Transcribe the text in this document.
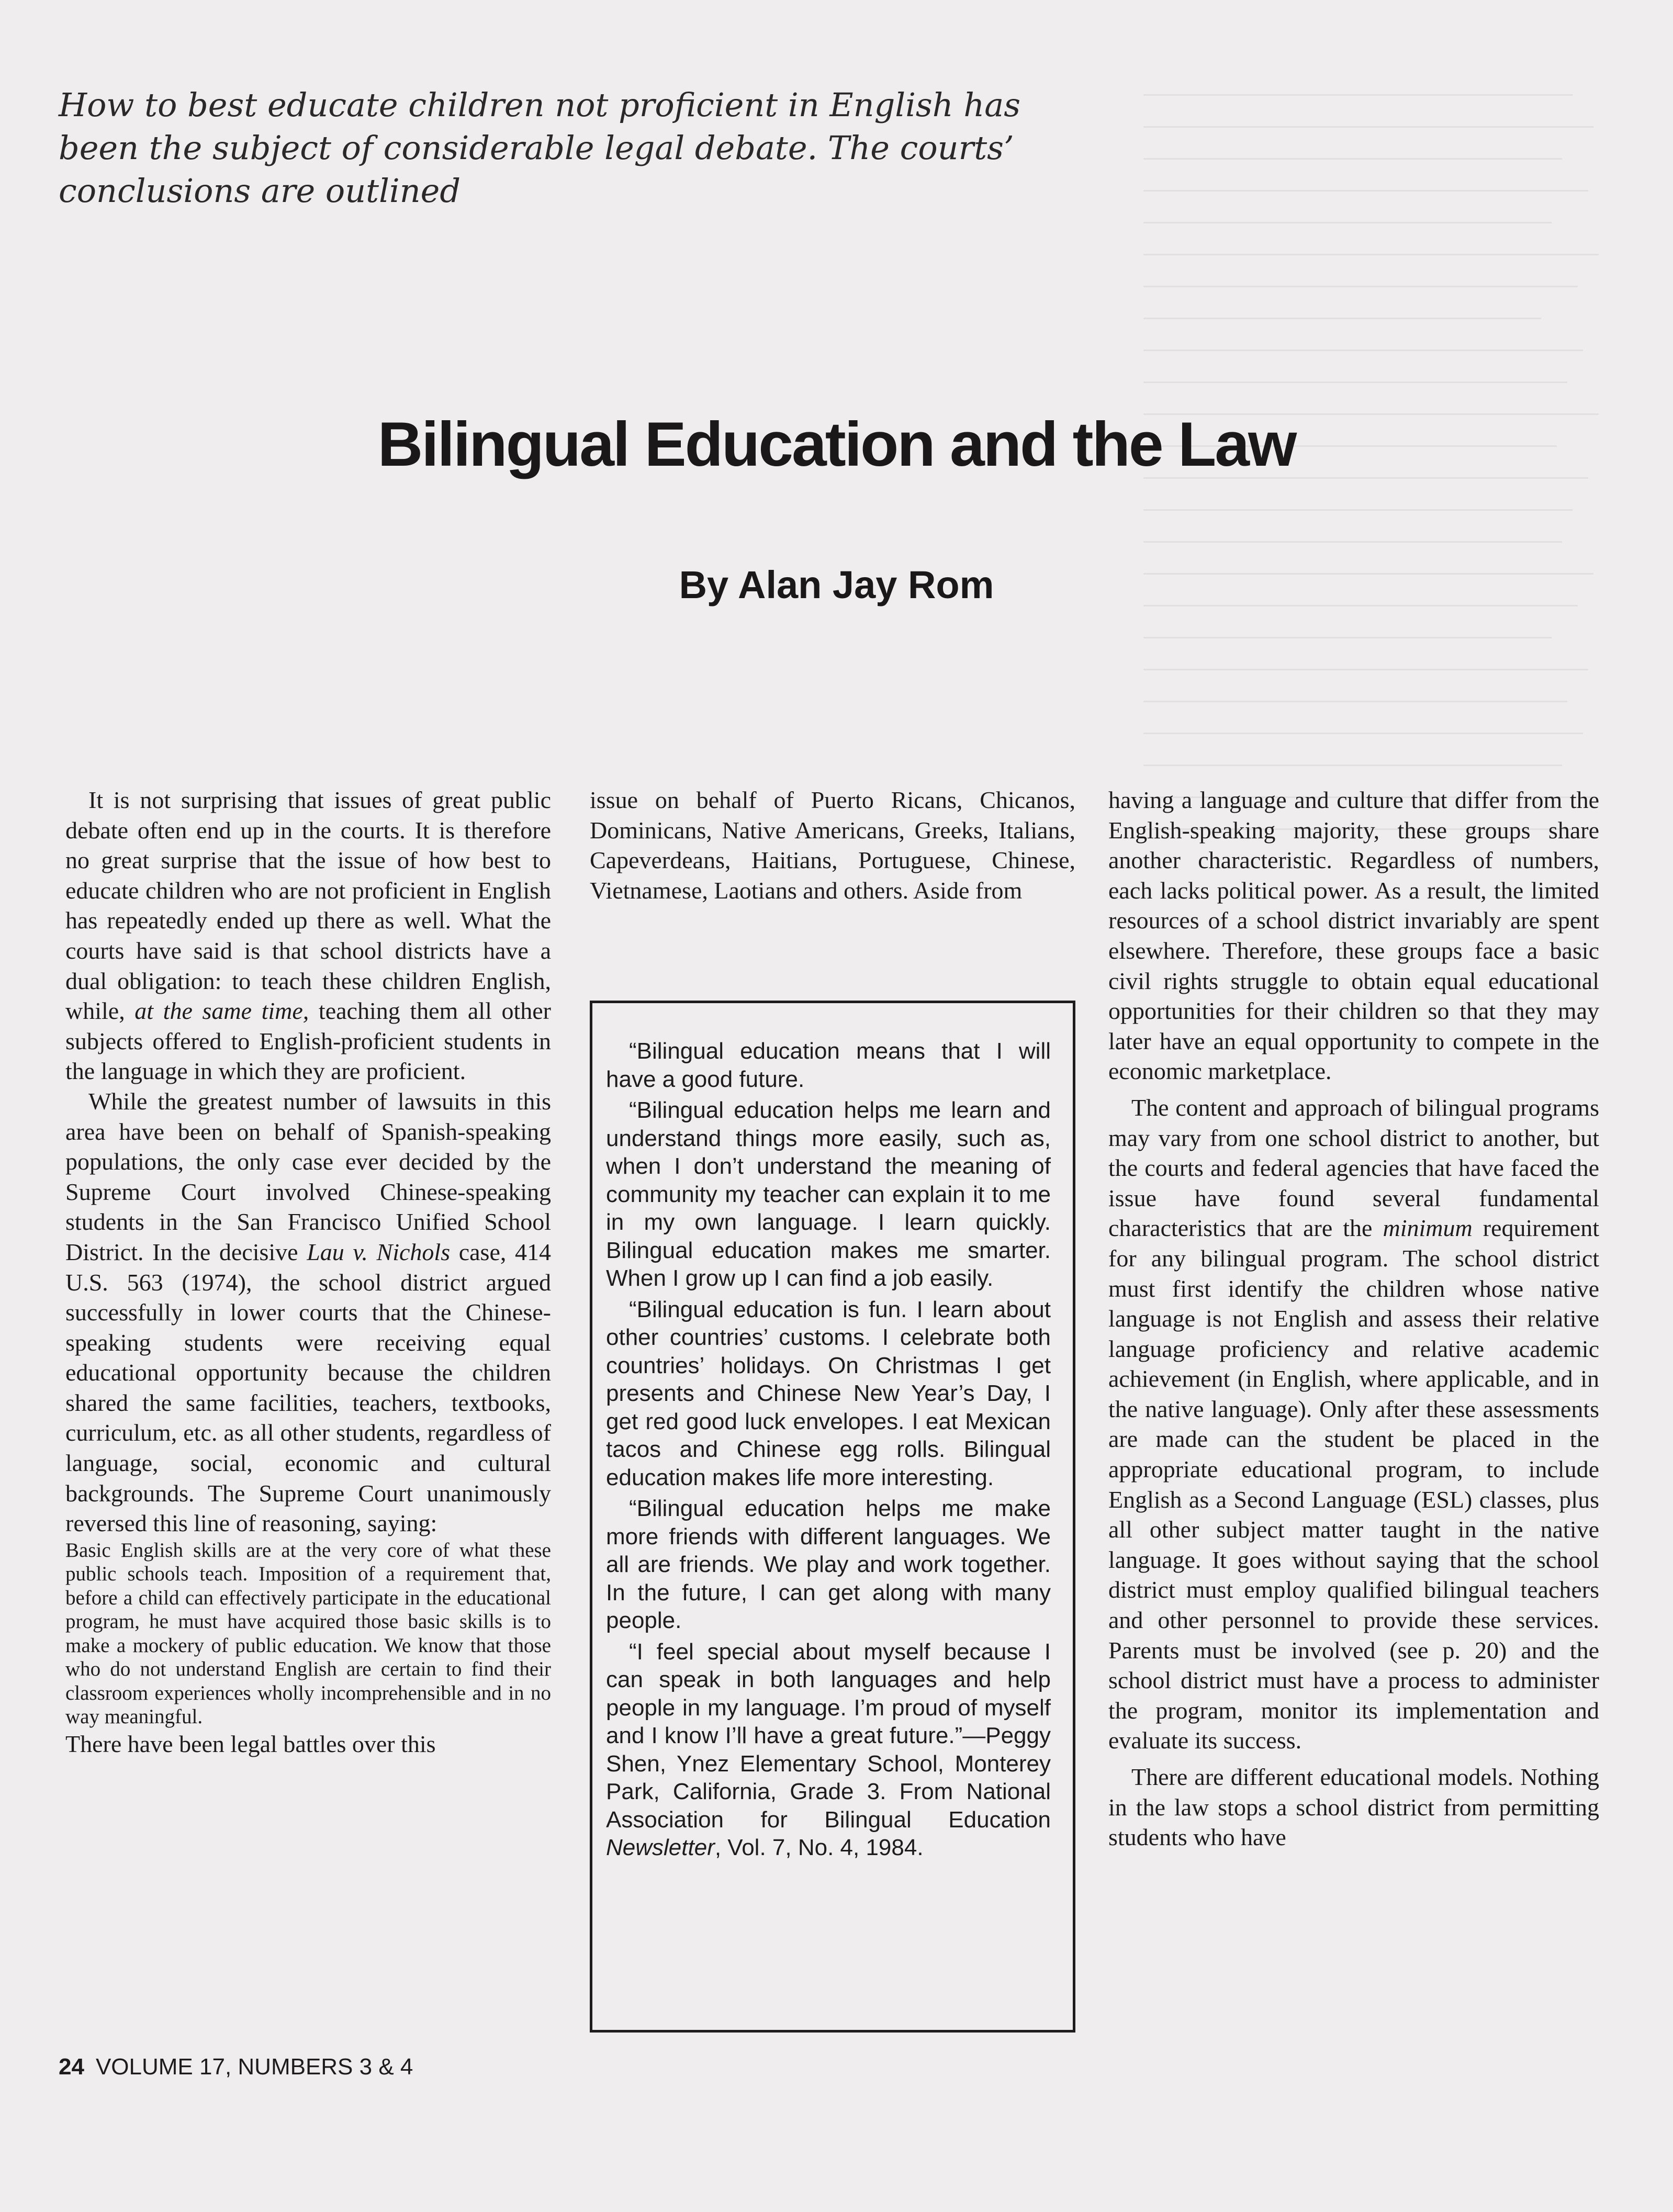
How to best educate children not proficient in English has been the subject of considerable legal debate. The courts’ conclusions are outlined
Bilingual Education and the Law
By Alan Jay Rom

It is not surprising that issues of great public debate often end up in the courts. It is therefore no great surprise that the issue of how best to educate children who are not proficient in English has repeatedly ended up there as well. What the courts have said is that school districts have a dual obligation: to teach these children English, while, at the same time, teaching them all other subjects offered to English-proficient students in the language in which they are proficient.

While the greatest number of lawsuits in this area have been on behalf of Spanish-speaking populations, the only case ever decided by the Supreme Court involved Chinese-speaking students in the San Francisco Unified School District. In the decisive Lau v. Nichols case, 414 U.S. 563 (1974), the school district argued successfully in lower courts that the Chinese-speaking students were receiving equal educational opportunity because the children shared the same facilities, teachers, textbooks, curriculum, etc. as all other students, regardless of language, social, economic and cultural backgrounds. The Supreme Court unanimously reversed this line of reasoning, saying:

Basic English skills are at the very core of what these public schools teach. Imposition of a requirement that, before a child can effectively participate in the educational program, he must have acquired those basic skills is to make a mockery of public education. We know that those who do not understand English are certain to find their classroom experiences wholly incomprehensible and in no way meaningful.

There have been legal battles over this

issue on behalf of Puerto Ricans, Chicanos, Dominicans, Native Americans, Greeks, Italians, Capeverdeans, Haitians, Portuguese, Chinese, Vietnamese, Laotians and others. Aside from

“Bilingual education means that I will have a good future.

“Bilingual education helps me learn and understand things more easily, such as, when I don’t understand the meaning of community my teacher can explain it to me in my own language. I learn quickly. Bilingual education makes me smarter. When I grow up I can find a job easily.

“Bilingual education is fun. I learn about other countries’ customs. I celebrate both countries’ holidays. On Christmas I get presents and Chinese New Year’s Day, I get red good luck envelopes. I eat Mexican tacos and Chinese egg rolls. Bilingual education makes life more interesting.

“Bilingual education helps me make more friends with different languages. We all are friends. We play and work together. In the future, I can get along with many people.

“I feel special about myself because I can speak in both languages and help people in my language. I’m proud of myself and I know I’ll have a great future.”—Peggy Shen, Ynez Elementary School, Monterey Park, California, Grade 3. From National Association for Bilingual Education Newsletter, Vol. 7, No. 4, 1984.

having a language and culture that differ from the English-speaking majority, these groups share another characteristic. Regardless of numbers, each lacks political power. As a result, the limited resources of a school district invariably are spent elsewhere. Therefore, these groups face a basic civil rights struggle to obtain equal educational opportunities for their children so that they may later have an equal opportunity to compete in the economic marketplace.

The content and approach of bilingual programs may vary from one school district to another, but the courts and federal agencies that have faced the issue have found several fundamental characteristics that are the minimum requirement for any bilingual program. The school district must first identify the children whose native language is not English and assess their relative language proficiency and relative academic achievement (in English, where applicable, and in the native language). Only after these assessments are made can the student be placed in the appropriate educational program, to include English as a Second Language (ESL) classes, plus all other subject matter taught in the native language. It goes without saying that the school district must employ qualified bilingual teachers and other personnel to provide these services. Parents must be involved (see p. 20) and the school district must have a process to administer the program, monitor its implementation and evaluate its success.

There are different educational models. Nothing in the law stops a school district from permitting students who have

24 VOLUME 17, NUMBERS 3 & 4
